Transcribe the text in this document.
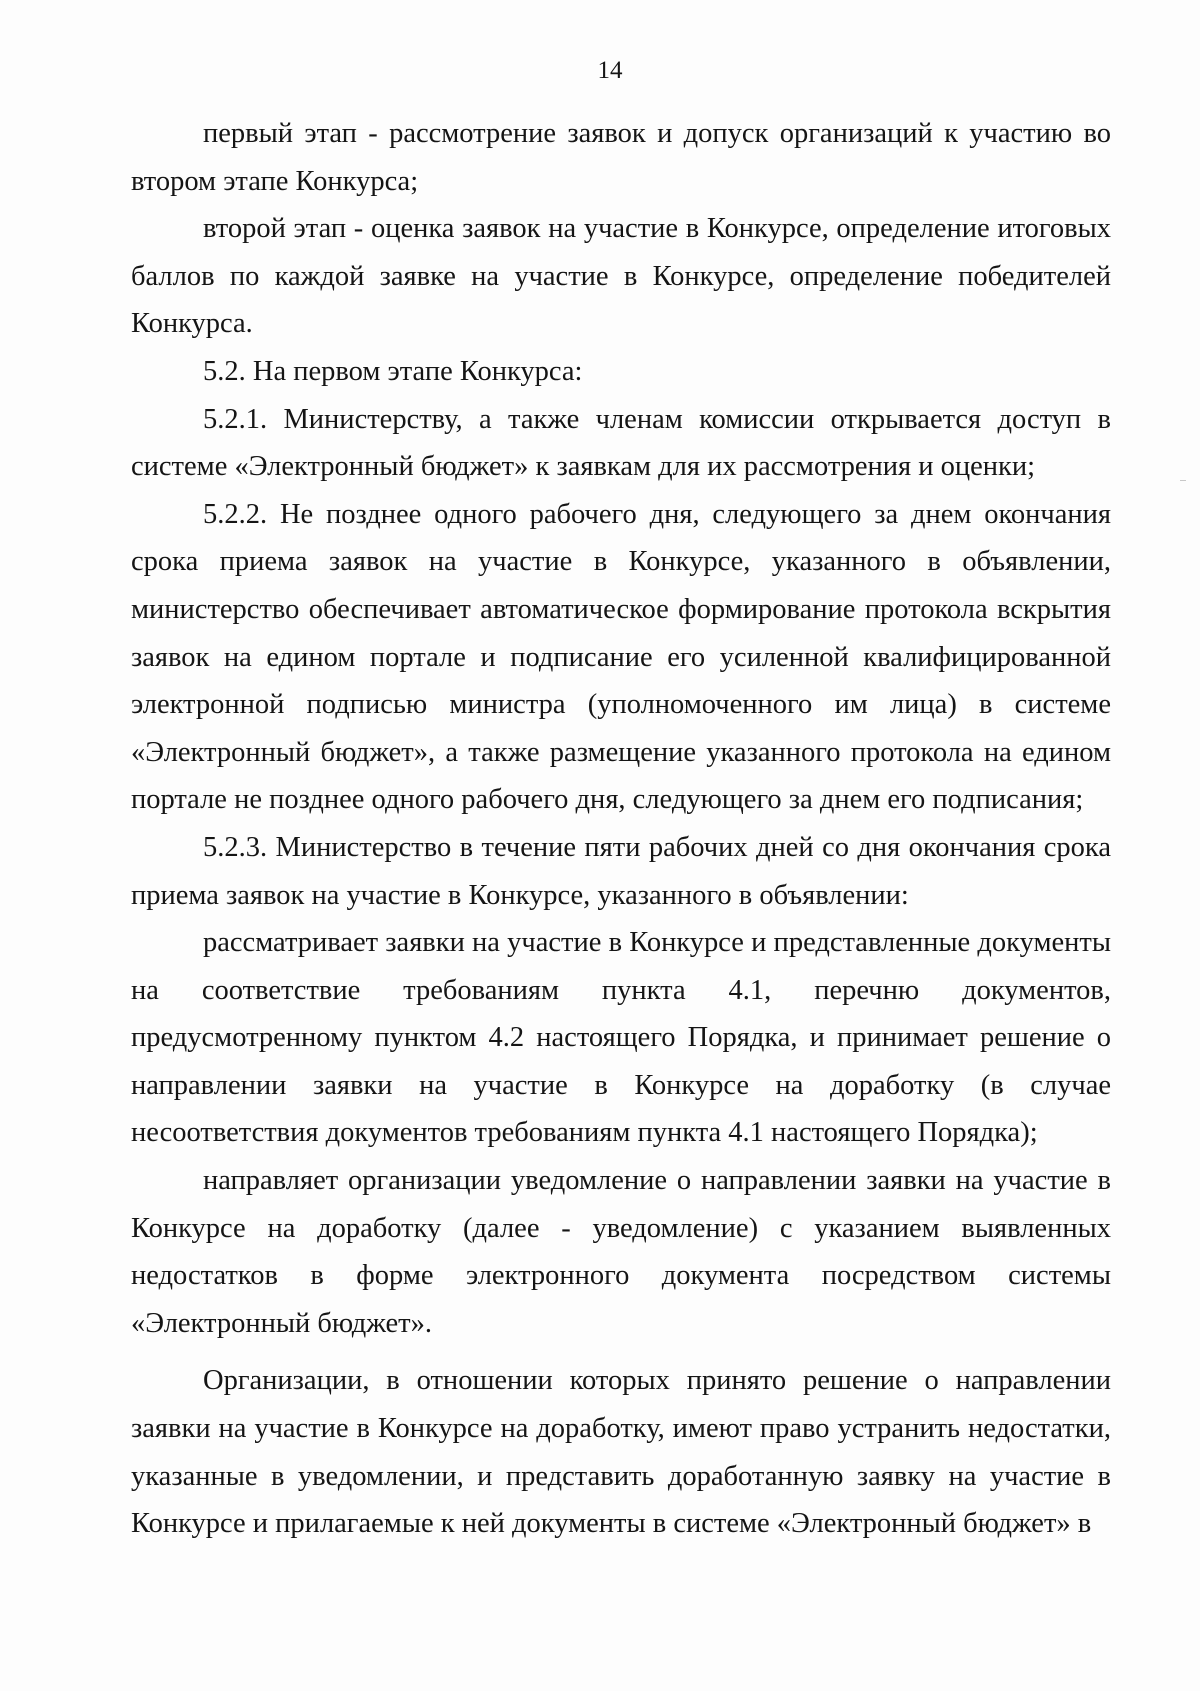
14

первый этап - рассмотрение заявок и допуск организаций к участию во втором этапе Конкурса;

второй этап - оценка заявок на участие в Конкурсе, определение итоговых баллов по каждой заявке на участие в Конкурсе, определение победителей Конкурса.

5.2. На первом этапе Конкурса:

5.2.1. Министерству, а также членам комиссии открывается доступ в системе «Электронный бюджет» к заявкам для их рассмотрения и оценки;

5.2.2. Не позднее одного рабочего дня, следующего за днем окончания срока приема заявок на участие в Конкурсе, указанного в объявлении, министерство обеспечивает автоматическое формирование протокола вскрытия заявок на едином портале и подписание его усиленной квалифицированной электронной подписью министра (уполномоченного им лица) в системе «Электронный бюджет», а также размещение указанного протокола на едином портале не позднее одного рабочего дня, следующего за днем его подписания;

5.2.3. Министерство в течение пяти рабочих дней со дня окончания срока приема заявок на участие в Конкурсе, указанного в объявлении:

рассматривает заявки на участие в Конкурсе и представленные документы на соответствие требованиям пункта 4.1, перечню документов, предусмотренному пунктом 4.2 настоящего Порядка, и принимает решение о направлении заявки на участие в Конкурсе на доработку (в случае несоответствия документов требованиям пункта 4.1 настоящего Порядка);

направляет организации уведомление о направлении заявки на участие в Конкурсе на доработку (далее - уведомление) с указанием выявленных недостатков в форме электронного документа посредством системы «Электронный бюджет».

Организации, в отношении которых принято решение о направлении заявки на участие в Конкурсе на доработку, имеют право устранить недостатки, указанные в уведомлении, и представить доработанную заявку на участие в Конкурсе и прилагаемые к ней документы в системе «Электронный бюджет» в
